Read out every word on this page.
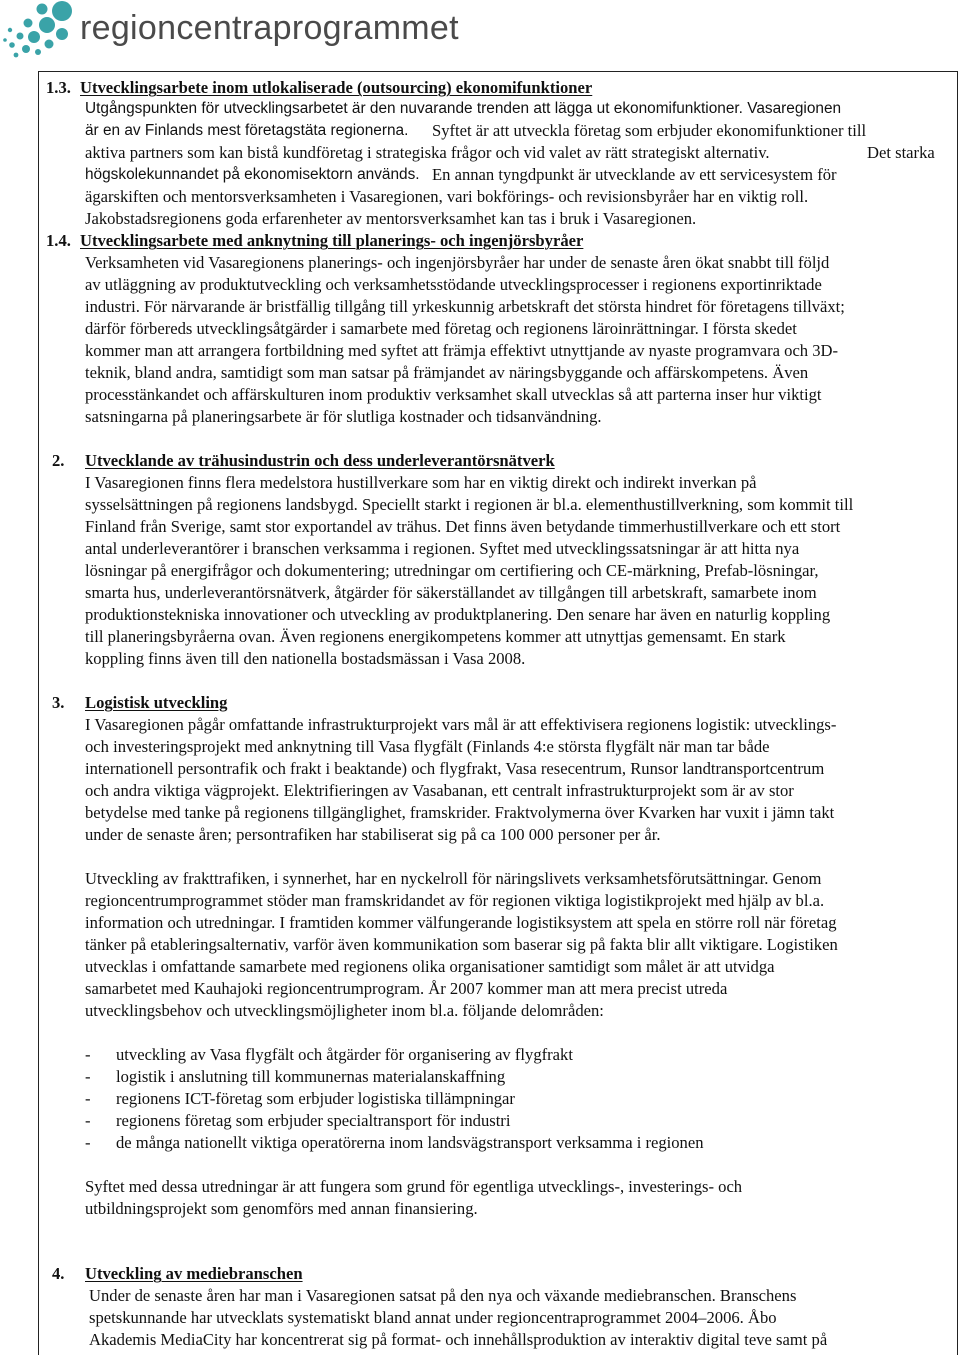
regioncentraprogrammet
1.3. Utvecklingsarbete inom utlokaliserade (outsourcing) ekonomifunktioner
Utgångspunkten för utvecklingsarbetet är den nuvarande trenden att lägga ut ekonomifunktioner. Vasaregionen
är en av Finlands mest företagstäta regionerna. Syftet är att utveckla företag som erbjuder ekonomifunktioner till
aktiva partners som kan bistå kundföretag i strategiska frågor och vid valet av rätt strategiskt alternativ.	Det starka
högskolekunnandet på ekonomisektorn används. En annan tyngdpunkt är utvecklande av ett servicesystem för
ägarskiften och mentorsverksamheten i Vasaregionen, vari bokförings- och revisionsbyråer har en viktig roll.
Jakobstadsregionens goda erfarenheter av mentorsverksamhet kan tas i bruk i Vasaregionen.
1.4. Utvecklingsarbete med anknytning till planerings- och ingenjörsbyråer
Verksamheten vid Vasaregionens planerings- och ingenjörsbyråer har under de senaste åren ökat snabbt till följd
av utläggning av produktutveckling och verksamhetsstödande utvecklingsprocesser i regionens exportinriktade
industri. För närvarande är bristfällig tillgång till yrkeskunnig arbetskraft det största hindret för företagens tillväxt;
därför förbereds utvecklingsåtgärder i samarbete med företag och regionens läroinrättningar. I första skedet
kommer man att arrangera fortbildning med syftet att främja effektivt utnyttjande av nyaste programvara och 3D-
teknik, bland andra, samtidigt som man satsar på främjandet av näringsbyggande och affärskompetens. Även
processtänkandet och affärskulturen inom produktiv verksamhet skall utvecklas så att parterna inser hur viktigt
satsningarna på planeringsarbete är för slutliga kostnader och tidsanvändning.
2. Utvecklande av trähusindustrin och dess underleverantörsnätverk
I Vasaregionen finns flera medelstora hustillverkare som har en viktig direkt och indirekt inverkan på
sysselsättningen på regionens landsbygd. Speciellt starkt i regionen är bl.a. elementhustillverkning, som kommit till
Finland från Sverige, samt stor exportandel av trähus. Det finns även betydande timmerhustillverkare och ett stort
antal underleverantörer i branschen verksamma i regionen. Syftet med utvecklingssatsningar är att hitta nya
lösningar på energifrågor och dokumentering; utredningar om certifiering och CE-märkning, Prefab-lösningar,
smarta hus, underleverantörsnätverk, åtgärder för säkerställandet av tillgången till arbetskraft, samarbete inom
produktionstekniska innovationer och utveckling av produktplanering. Den senare har även en naturlig koppling
till planeringsbyråerna ovan. Även regionens energikompetens kommer att utnyttjas gemensamt. En stark
koppling finns även till den nationella bostadsmässan i Vasa 2008.
3. Logistisk utveckling
I Vasaregionen pågår omfattande infrastrukturprojekt vars mål är att effektivisera regionens logistik: utvecklings-
och investeringsprojekt med anknytning till Vasa flygfält (Finlands 4:e största flygfält när man tar både
internationell persontrafik och frakt i beaktande) och flygfrakt, Vasa resecentrum, Runsor landtransportcentrum
och andra viktiga vägprojekt. Elektrifieringen av Vasabanan, ett centralt infrastrukturprojekt som är av stor
betydelse med tanke på regionens tillgänglighet, framskrider. Fraktvolymerna över Kvarken har vuxit i jämn takt
under de senaste åren; persontrafiken har stabiliserat sig på ca 100 000 personer per år.
Utveckling av frakttrafiken, i synnerhet, har en nyckelroll för näringslivets verksamhetsförutsättningar. Genom
regioncentrumprogrammet stöder man framskridandet av för regionen viktiga logistikprojekt med hjälp av bl.a.
information och utredningar. I framtiden kommer välfungerande logistiksystem att spela en större roll när företag
tänker på etableringsalternativ, varför även kommunikation som baserar sig på fakta blir allt viktigare. Logistiken
utvecklas i omfattande samarbete med regionens olika organisationer samtidigt som målet är att utvidga
samarbetet med Kauhajoki regioncentrumprogram. År 2007 kommer man att mera precist utreda
utvecklingsbehov och utvecklingsmöjligheter inom bl.a. följande delområden:
- utveckling av Vasa flygfält och åtgärder för organisering av flygfrakt
- logistik i anslutning till kommunernas materialanskaffning
- regionens ICT-företag som erbjuder logistiska tillämpningar
- regionens företag som erbjuder specialtransport för industri
- de många nationellt viktiga operatörerna inom landsvägstransport verksamma i regionen
Syftet med dessa utredningar är att fungera som grund för egentliga utvecklings-, investerings- och
utbildningsprojekt som genomförs med annan finansiering.
4. Utveckling av mediebranschen
Under de senaste åren har man i Vasaregionen satsat på den nya och växande mediebranschen. Branschens
spetskunnande har utvecklats systematiskt bland annat under regioncentraprogrammet 2004–2006. Åbo
Akademis MediaCity har koncentrerat sig på format- och innehållsproduktion av interaktiv digital teve samt på
